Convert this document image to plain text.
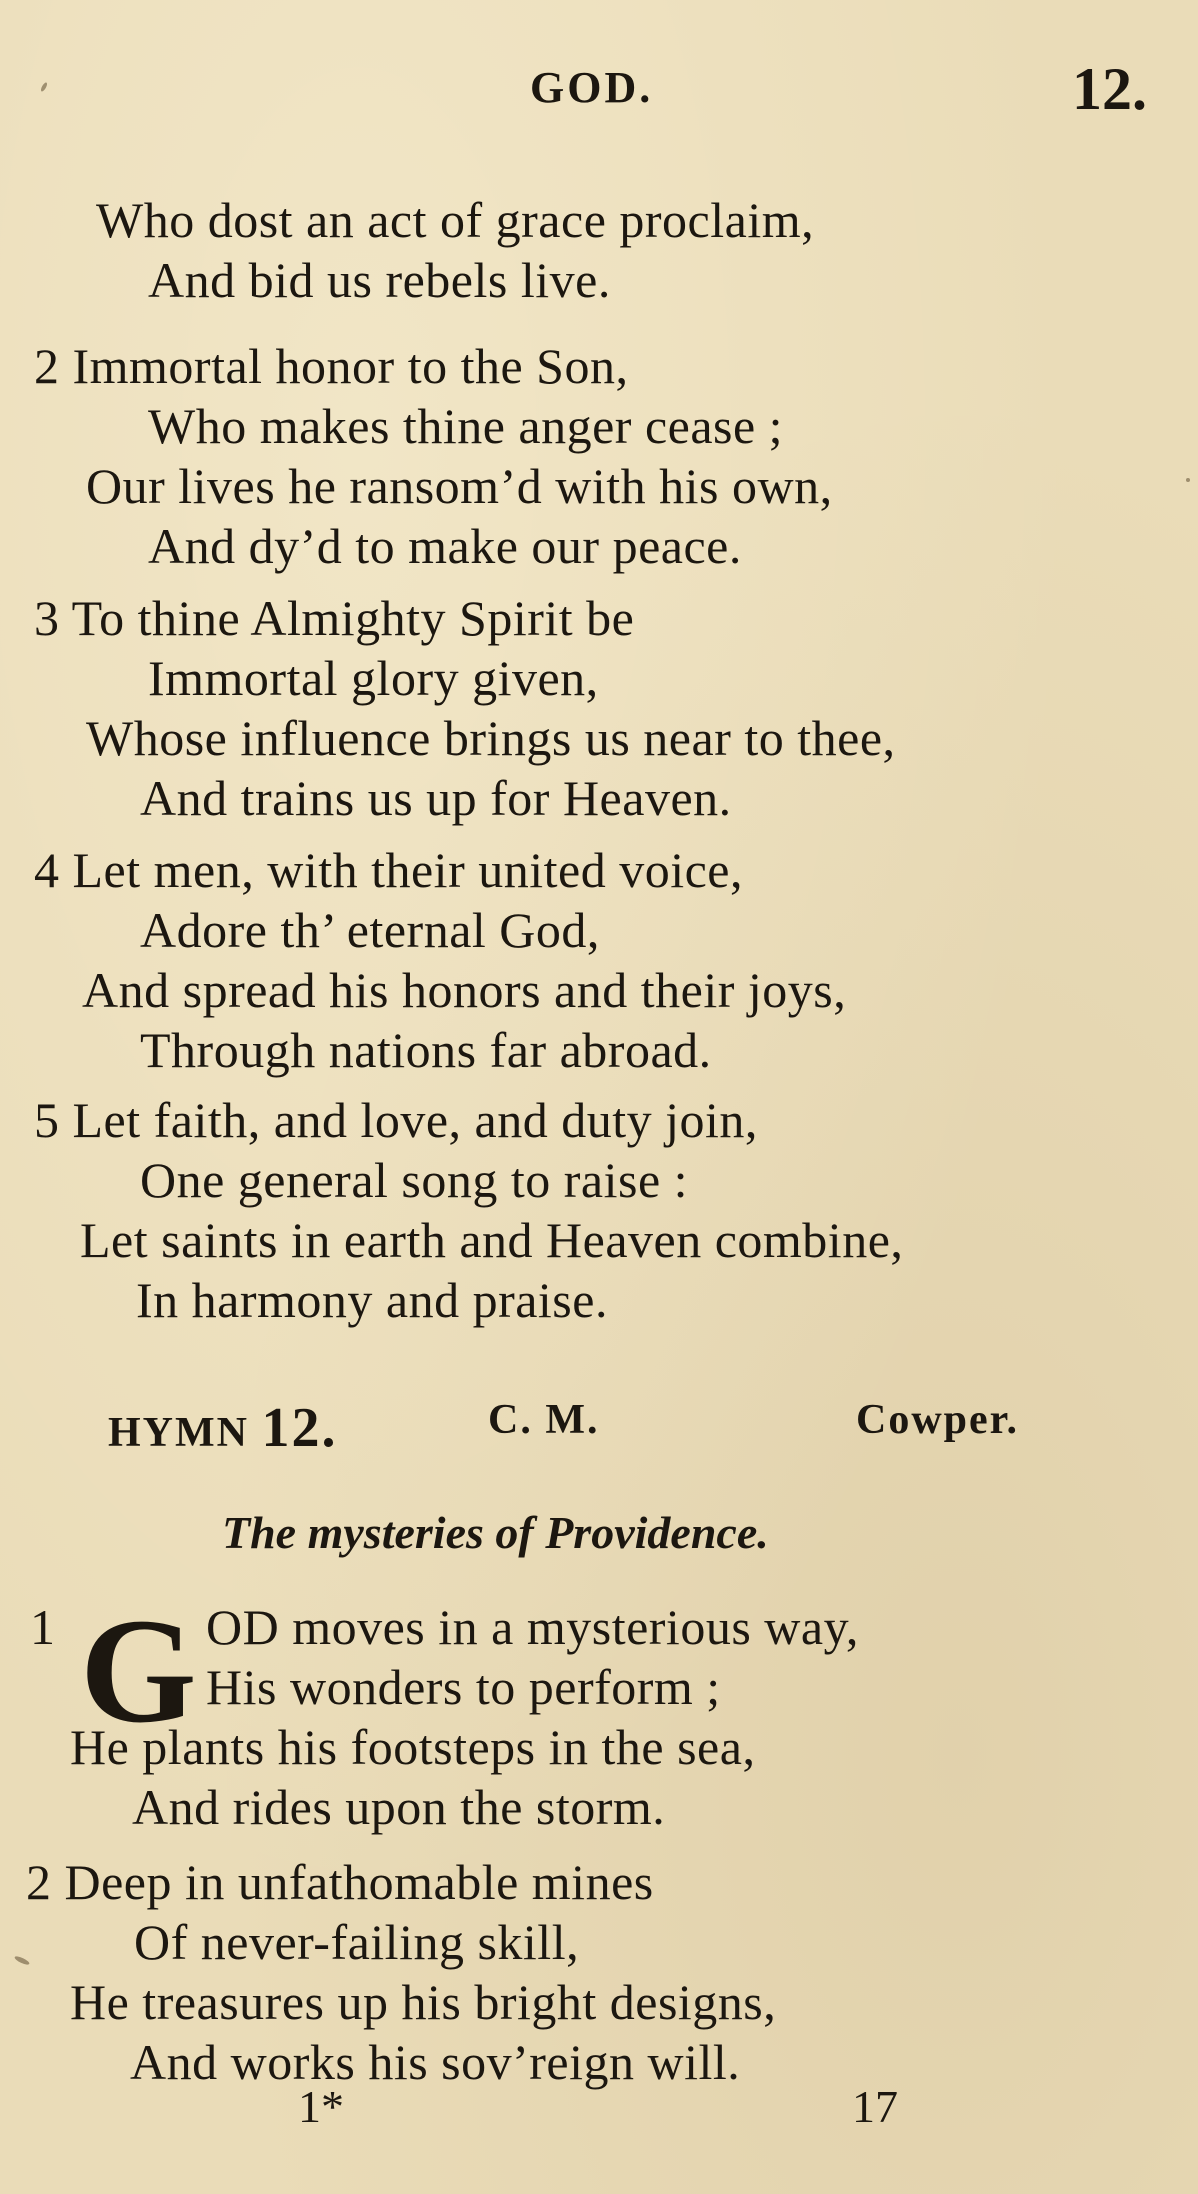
GOD.	12.
Who dost an act of grace proclaim,
And bid us rebels live.
2 Immortal honor to the Son,
Who makes thine anger cease ;
Our lives he ransom’d with his own,
And dy’d to make our peace.
3 To thine Almighty Spirit be
Immortal glory given,
Whose influence brings us near to thee,
And trains us up for Heaven.
4 Let men, with their united voice,
Adore th’ eternal God,
And spread his honors and their joys,
Through nations far abroad.
5 Let faith, and love, and duty join,
One general song to raise :
Let saints in earth and Heaven combine,
In harmony and praise.
HYMN 12.	C. M.	Cowper.
The mysteries of Providence.
1 G OD moves in a mysterious way,
His wonders to perform ;
He plants his footsteps in the sea,
And rides upon the storm.
2 Deep in unfathomable mines
Of never-failing skill,
He treasures up his bright designs,
And works his sov’reign will.
1*	17
